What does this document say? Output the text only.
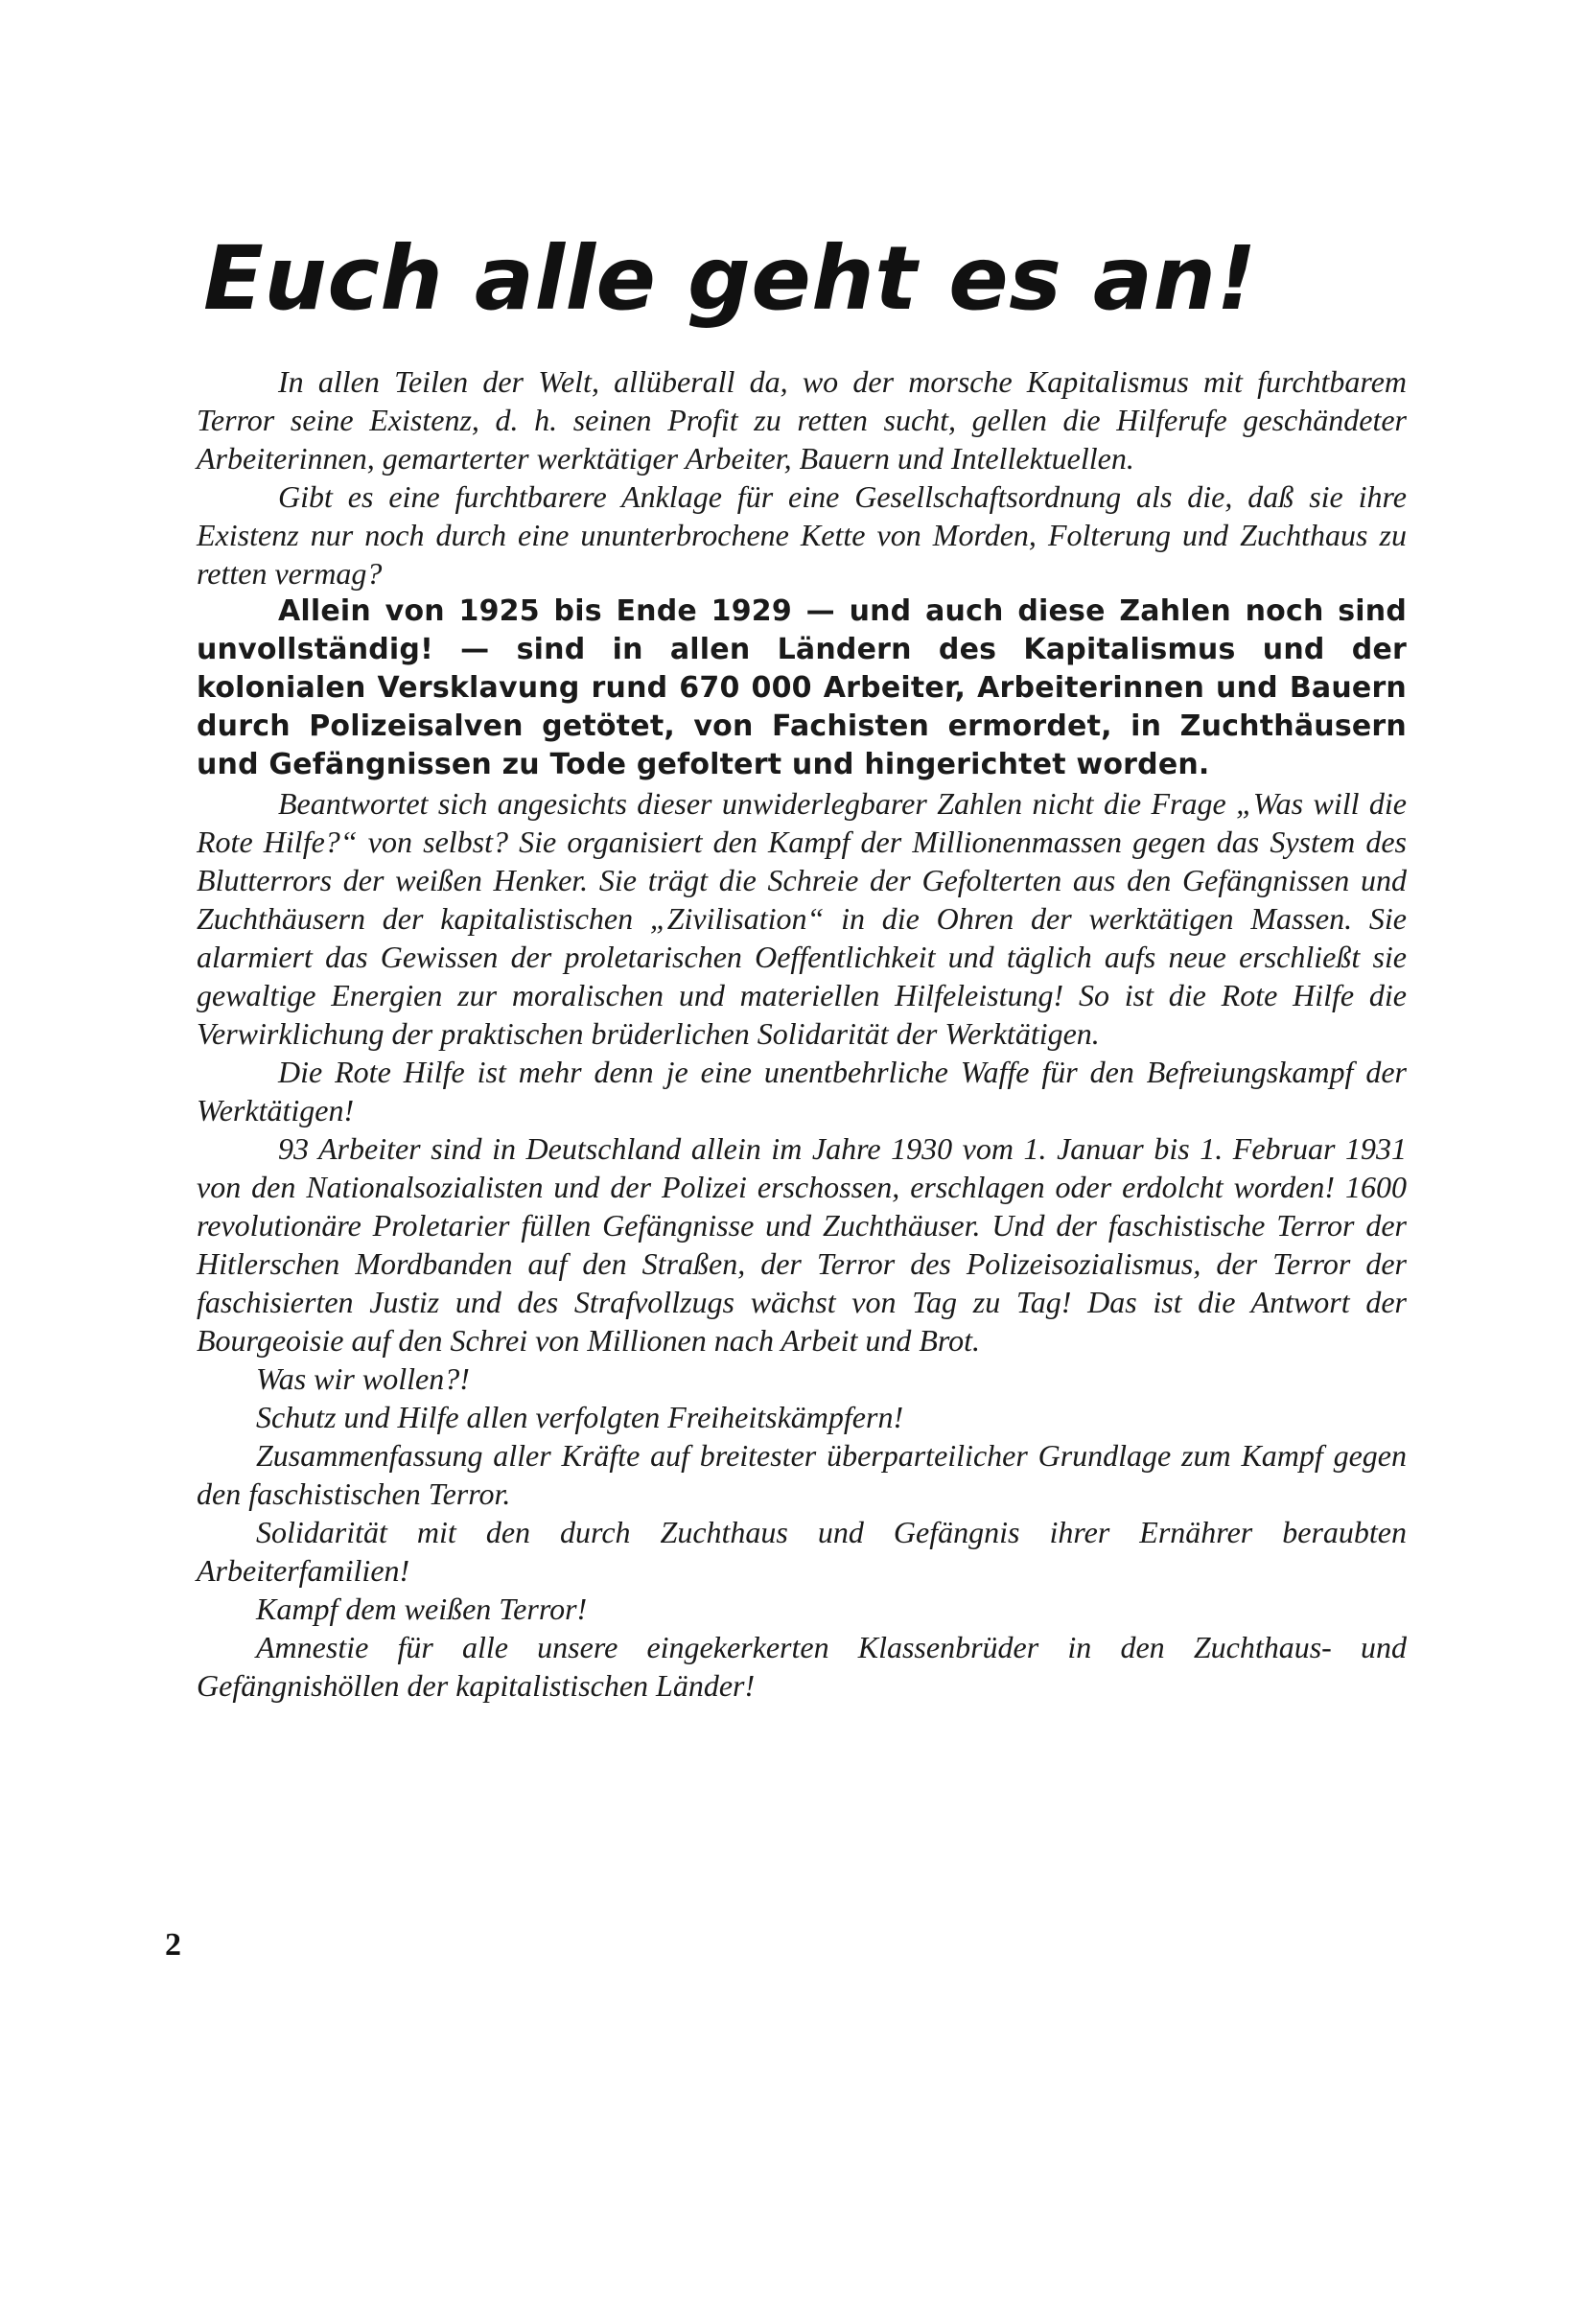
Euch alle geht es an!

In allen Teilen der Welt, allüberall da, wo der morsche Kapitalismus mit furchtbarem Terror seine Existenz, d. h. seinen Profit zu retten sucht, gellen die Hilferufe geschändeter Arbeiterinnen, gemarterter werktätiger Arbeiter, Bauern und Intellektuellen.

Gibt es eine furchtbarere Anklage für eine Gesellschaftsordnung als die, daß sie ihre Existenz nur noch durch eine ununterbrochene Kette von Morden, Folterung und Zuchthaus zu retten vermag?

Allein von 1925 bis Ende 1929 — und auch diese Zahlen noch sind unvollständig! — sind in allen Ländern des Kapitalismus und der kolonialen Versklavung rund 670 000 Arbeiter, Arbeiterinnen und Bauern durch Polizeisalven getötet, von Fachisten ermordet, in Zuchthäusern und Gefängnissen zu Tode gefoltert und hingerichtet worden.

Beantwortet sich angesichts dieser unwiderlegbarer Zahlen nicht die Frage „Was will die Rote Hilfe?“ von selbst? Sie organisiert den Kampf der Millionenmassen gegen das System des Blutterrors der weißen Henker. Sie trägt die Schreie der Gefolterten aus den Gefängnissen und Zuchthäusern der kapitalistischen „Zivilisation“ in die Ohren der werktätigen Massen. Sie alarmiert das Gewissen der proletarischen Oeffentlichkeit und täglich aufs neue erschließt sie gewaltige Energien zur moralischen und materiellen Hilfeleistung! So ist die Rote Hilfe die Verwirklichung der praktischen brüderlichen Solidarität der Werktätigen.

Die Rote Hilfe ist mehr denn je eine unentbehrliche Waffe für den Befreiungskampf der Werktätigen!

93 Arbeiter sind in Deutschland allein im Jahre 1930 vom 1. Januar bis 1. Februar 1931 von den Nationalsozialisten und der Polizei erschossen, erschlagen oder erdolcht worden! 1600 revolutionäre Proletarier füllen Gefängnisse und Zuchthäuser. Und der faschistische Terror der Hitlerschen Mordbanden auf den Straßen, der Terror des Polizeisozialismus, der Terror der faschisierten Justiz und des Strafvollzugs wächst von Tag zu Tag! Das ist die Antwort der Bourgeoisie auf den Schrei von Millionen nach Arbeit und Brot.

Was wir wollen?!

Schutz und Hilfe allen verfolgten Freiheitskämpfern!

Zusammenfassung aller Kräfte auf breitester überparteilicher Grundlage zum Kampf gegen den faschistischen Terror.

Solidarität mit den durch Zuchthaus und Gefängnis ihrer Ernährer beraubten Arbeiterfamilien!

Kampf dem weißen Terror!

Amnestie für alle unsere eingekerkerten Klassenbrüder in den Zuchthaus- und Gefängnishöllen der kapitalistischen Länder!

2
